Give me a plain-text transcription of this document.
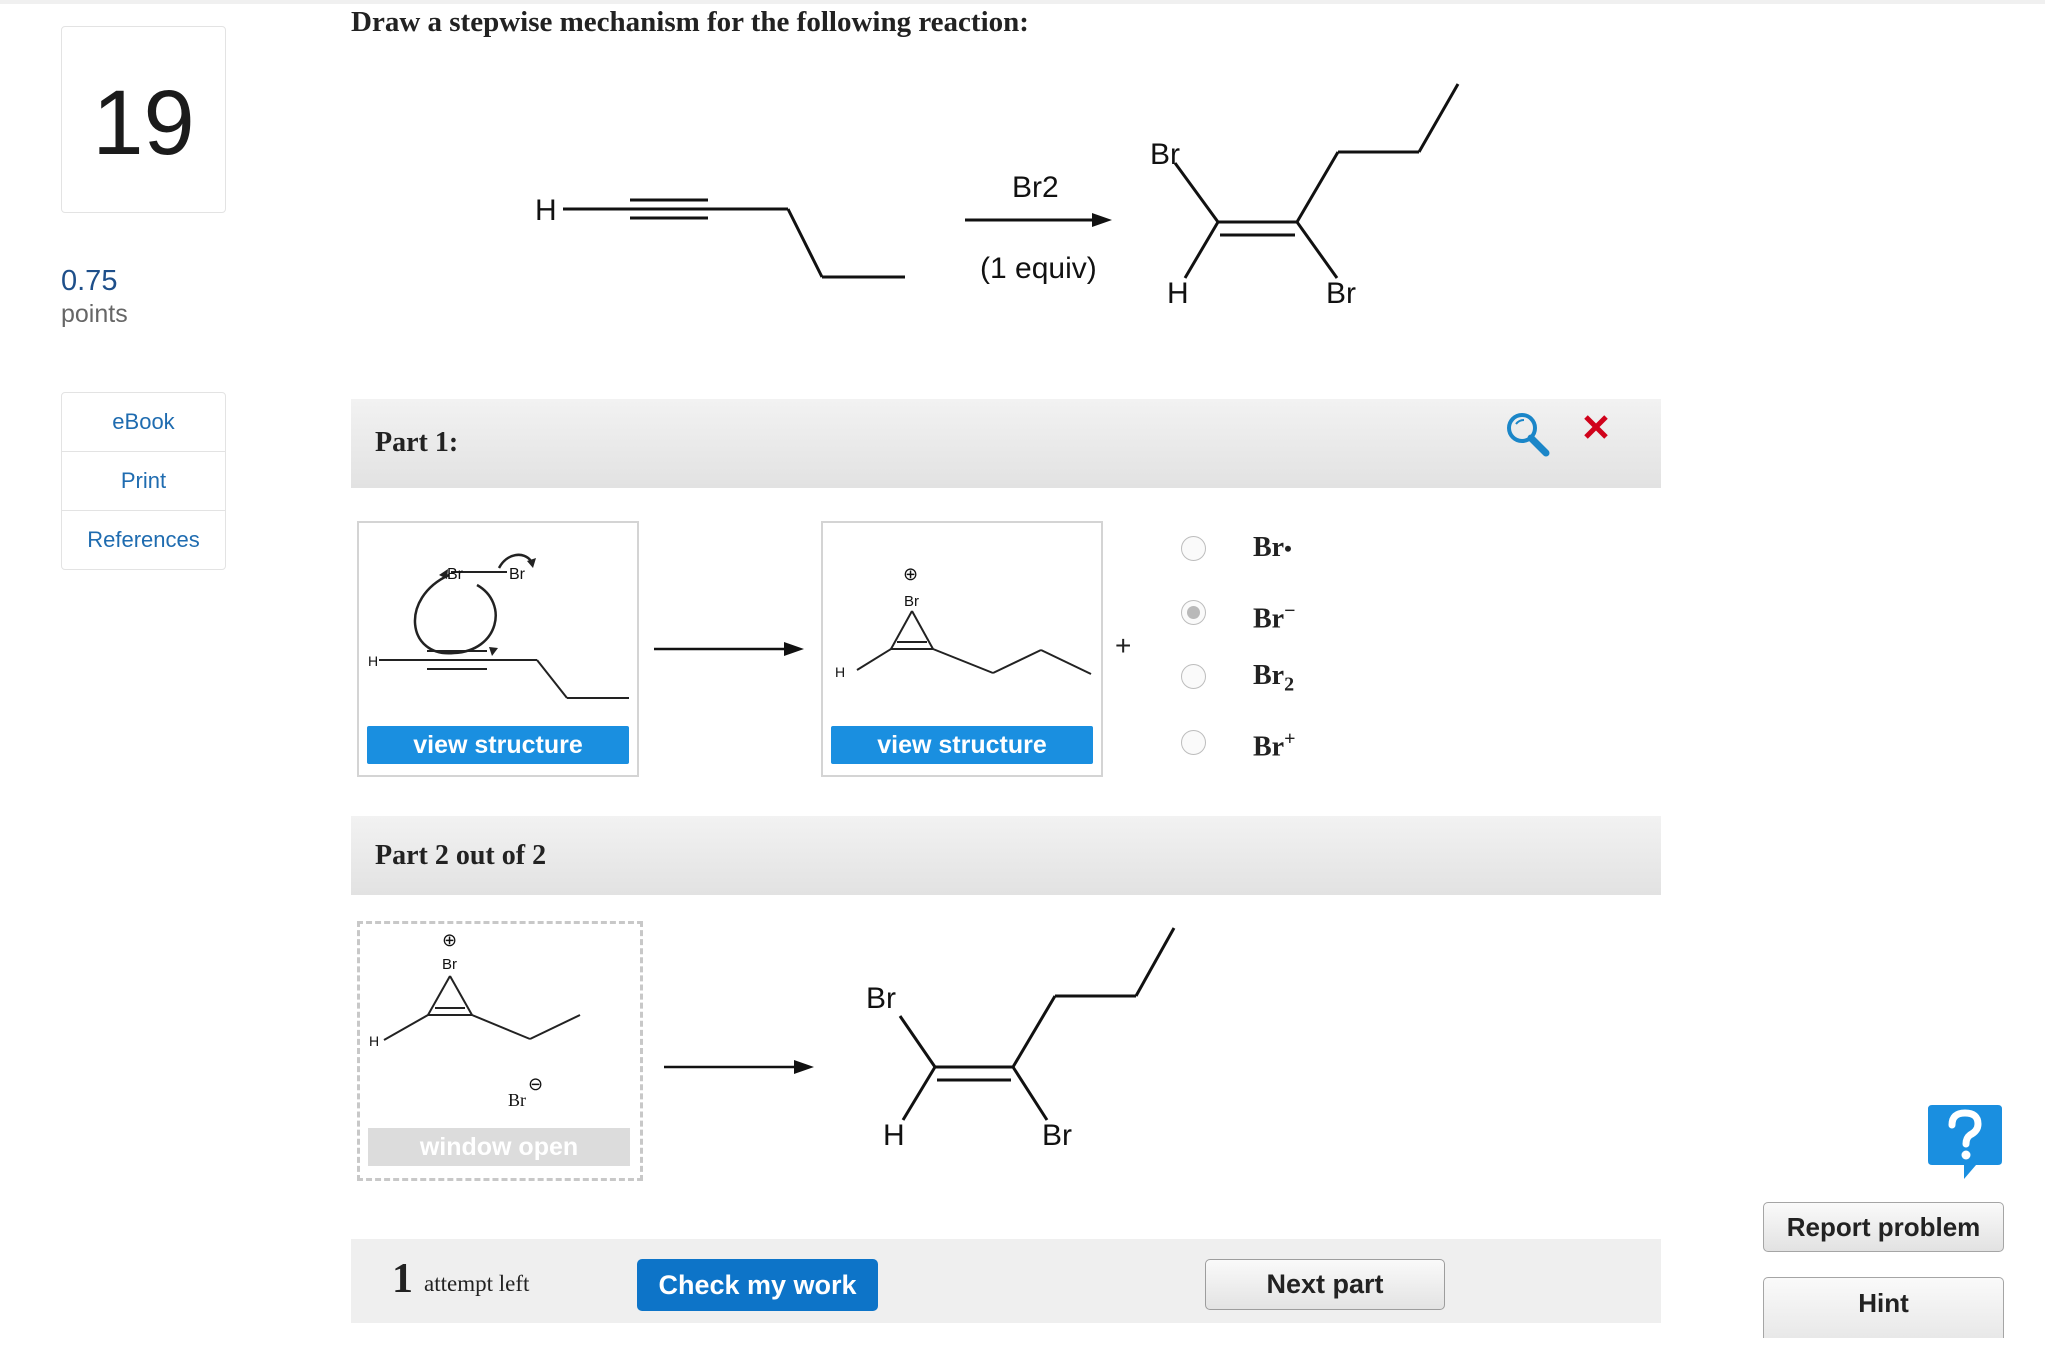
19
0.75
points
eBook
Print
References
Draw a stepwise mechanism for the following reaction:
H
Br2
(1 equiv)
Br
H	Br
Part 1:
Br	Br
H
view structure
Br
⊕
H
view structure
+
Br•
Br−
$Br_2$
Br+
Part 2 out of 2
Br
⊕
H
Br
⊖
window open
Br
H	Br
1 attempt left	Check my work	Next part
Report problem
Hint
